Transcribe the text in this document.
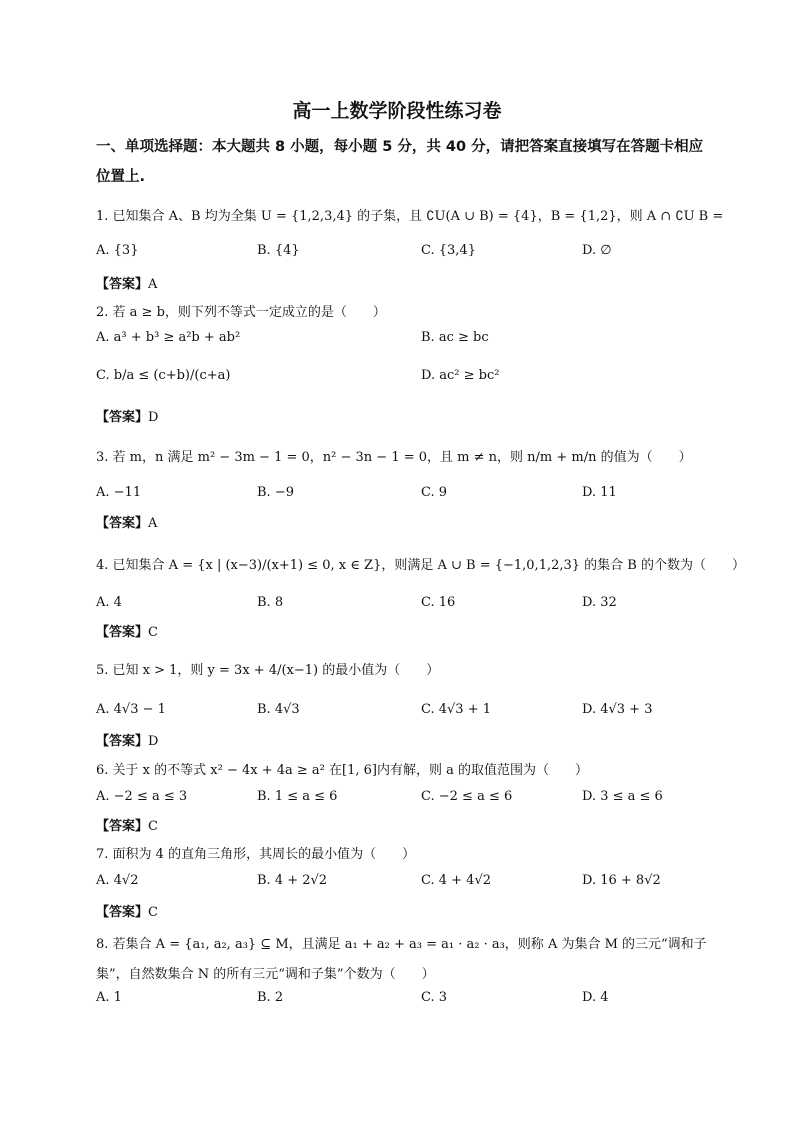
高一上数学阶段性练习卷
一、单项选择题：本大题共 8 小题，每小题 5 分，共 40 分，请把答案直接填写在答题卡相应位置上.
1. 已知集合 A、B 均为全集 U = {1,2,3,4} 的子集，且 ∁U(A ∪ B) = {4}，B = {1,2}，则 A ∩ ∁U B =
A. {3}	B. {4}	C. {3,4}	D. ∅
【答案】A
2. 若 a ≥ b，则下列不等式一定成立的是（　　）
A. a³ + b³ ≥ a²b + ab²	B. ac ≥ bc
C. b/a ≤ (c+b)/(c+a)	D. ac² ≥ bc²
【答案】D
3. 若 m，n 满足 m² − 3m − 1 = 0，n² − 3n − 1 = 0，且 m ≠ n，则 n/m + m/n 的值为（　　）
A. −11	B. −9	C. 9	D. 11
【答案】A
4. 已知集合 A = {x | (x−3)/(x+1) ≤ 0, x ∈ Z}，则满足 A ∪ B = {−1,0,1,2,3} 的集合 B 的个数为（　　）
A. 4	B. 8	C. 16	D. 32
【答案】C
5. 已知 x > 1，则 y = 3x + 4/(x−1) 的最小值为（　　）
A. 4√3 − 1	B. 4√3	C. 4√3 + 1	D. 4√3 + 3
【答案】D
6. 关于 x 的不等式 x² − 4x + 4a ≥ a² 在[1, 6]内有解，则 a 的取值范围为（　　）
A. −2 ≤ a ≤ 3	B. 1 ≤ a ≤ 6	C. −2 ≤ a ≤ 6	D. 3 ≤ a ≤ 6
【答案】C
7. 面积为 4 的直角三角形，其周长的最小值为（　　）
A. 4√2	B. 4 + 2√2	C. 4 + 4√2	D. 16 + 8√2
【答案】C
8. 若集合 A = {a₁, a₂, a₃} ⊆ M，且满足 a₁ + a₂ + a₃ = a₁ · a₂ · a₃，则称 A 为集合 M 的三元“调和子
集”，自然数集合 N 的所有三元“调和子集”个数为（　　）
A. 1	B. 2	C. 3	D. 4
